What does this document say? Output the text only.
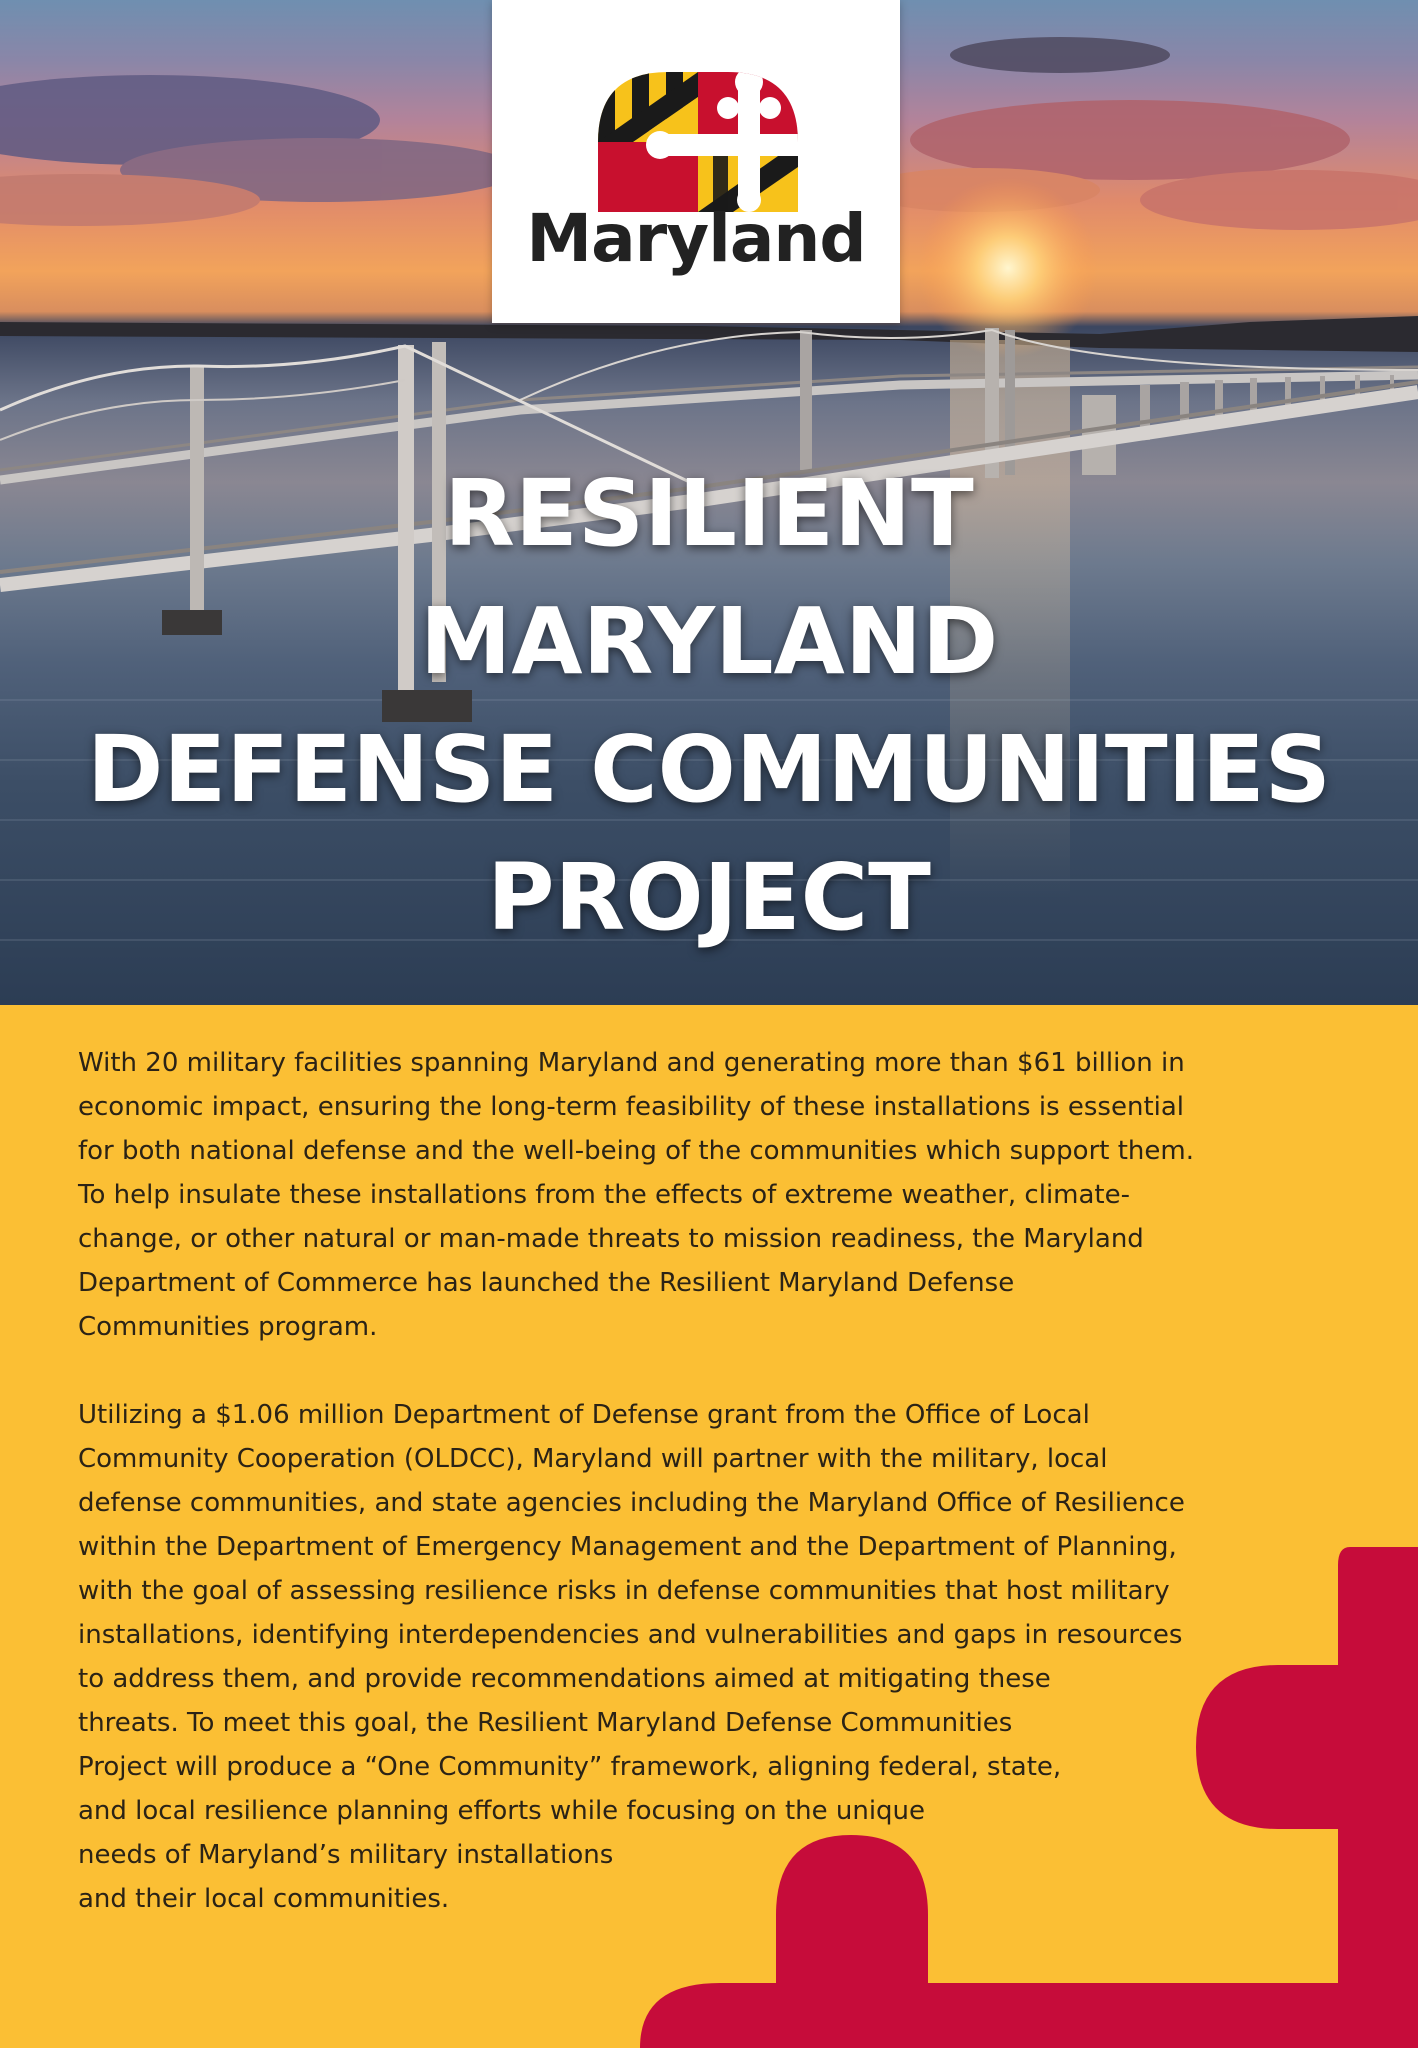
Maryland
RESILIENT
MARYLAND
DEFENSE COMMUNITIES
PROJECT

With 20 military facilities spanning Maryland and generating more than $61 billion in
economic impact, ensuring the long-term feasibility of these installations is essential
for both national defense and the well-being of the communities which support them.
To help insulate these installations from the effects of extreme weather, climate-
change, or other natural or man-made threats to mission readiness, the Maryland
Department of Commerce has launched the Resilient Maryland Defense
Communities program.

Utilizing a $1.06 million Department of Defense grant from the Office of Local
Community Cooperation (OLDCC), Maryland will partner with the military, local
defense communities, and state agencies including the Maryland Office of Resilience
within the Department of Emergency Management and the Department of Planning,
with the goal of assessing resilience risks in defense communities that host military
installations, identifying interdependencies and vulnerabilities and gaps in resources
to address them, and provide recommendations aimed at mitigating these
threats. To meet this goal, the Resilient Maryland Defense Communities
Project will produce a “One Community” framework, aligning federal, state,
and local resilience planning efforts while focusing on the unique
needs of Maryland’s military installations
and their local communities.
